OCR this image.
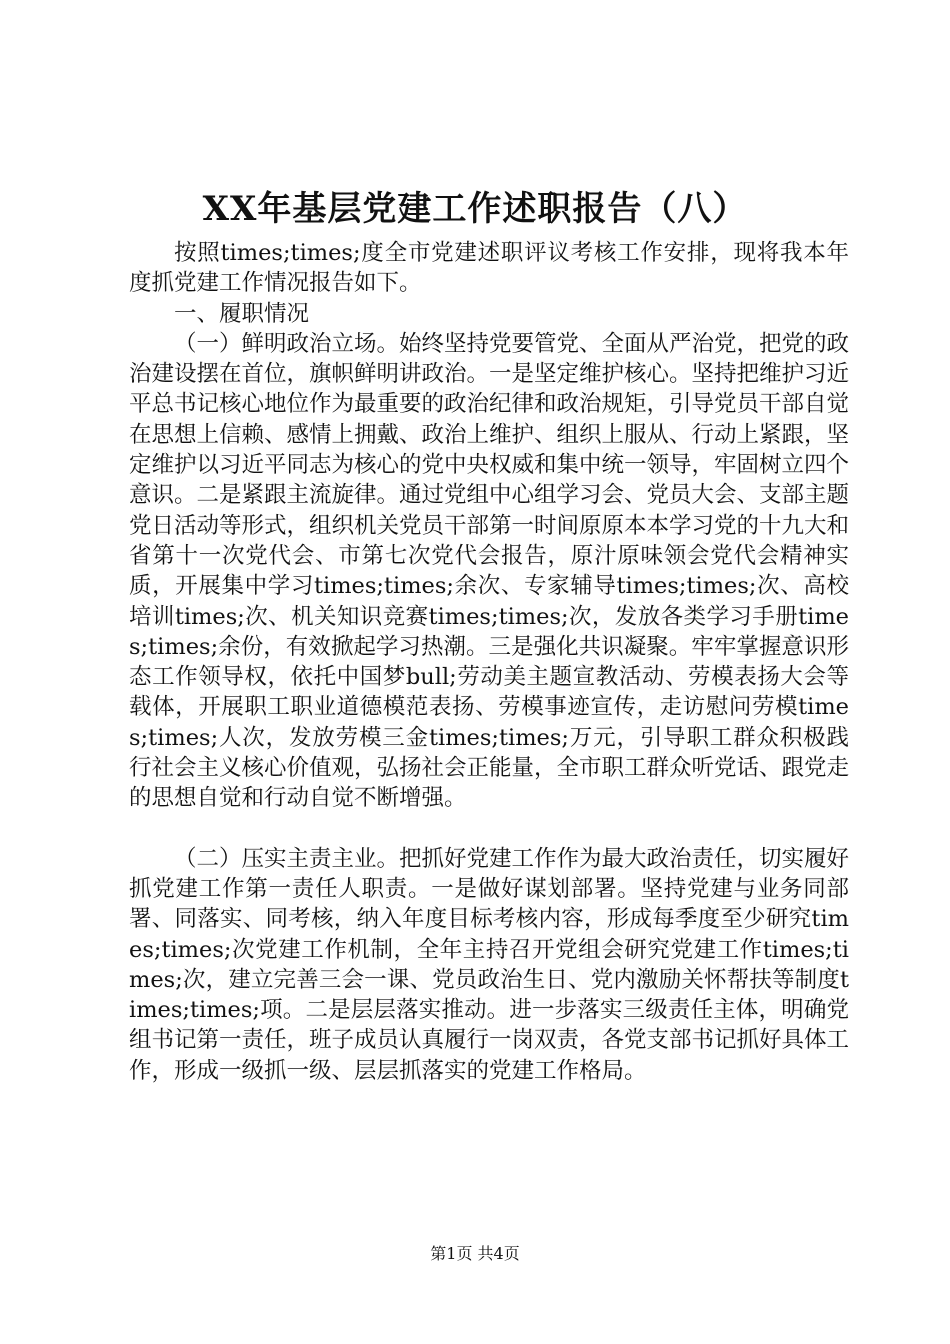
XX年基层党建工作述职报告（八）

按照times;times;度全市党建述职评议考核工作安排，现将我本年度抓党建工作情况报告如下。

一、履职情况

（一）鲜明政治立场。始终坚持党要管党、全面从严治党，把党的政治建设摆在首位，旗帜鲜明讲政治。一是坚定维护核心。坚持把维护习近平总书记核心地位作为最重要的政治纪律和政治规矩，引导党员干部自觉在思想上信赖、感情上拥戴、政治上维护、组织上服从、行动上紧跟，坚定维护以习近平同志为核心的党中央权威和集中统一领导，牢固树立四个意识。二是紧跟主流旋律。通过党组中心组学习会、党员大会、支部主题党日活动等形式，组织机关党员干部第一时间原原本本学习党的十九大和省第十一次党代会、市第七次党代会报告，原汁原味领会党代会精神实质，开展集中学习times;times;余次、专家辅导times;times;次、高校培训times;次、机关知识竞赛times;times;次，发放各类学习手册times;times;余份，有效掀起学习热潮。三是强化共识凝聚。牢牢掌握意识形态工作领导权，依托中国梦bull;劳动美主题宣教活动、劳模表扬大会等载体，开展职工职业道德模范表扬、劳模事迹宣传，走访慰问劳模times;times;人次，发放劳模三金times;times;万元，引导职工群众积极践行社会主义核心价值观，弘扬社会正能量，全市职工群众听党话、跟党走的思想自觉和行动自觉不断增强。

（二）压实主责主业。把抓好党建工作作为最大政治责任，切实履好抓党建工作第一责任人职责。一是做好谋划部署。坚持党建与业务同部署、同落实、同考核，纳入年度目标考核内容，形成每季度至少研究times;times;次党建工作机制，全年主持召开党组会研究党建工作times;times;次，建立完善三会一课、党员政治生日、党内激励关怀帮扶等制度times;times;项。二是层层落实推动。进一步落实三级责任主体，明确党组书记第一责任，班子成员认真履行一岗双责，各党支部书记抓好具体工作，形成一级抓一级、层层抓落实的党建工作格局。

第1页 共4页
